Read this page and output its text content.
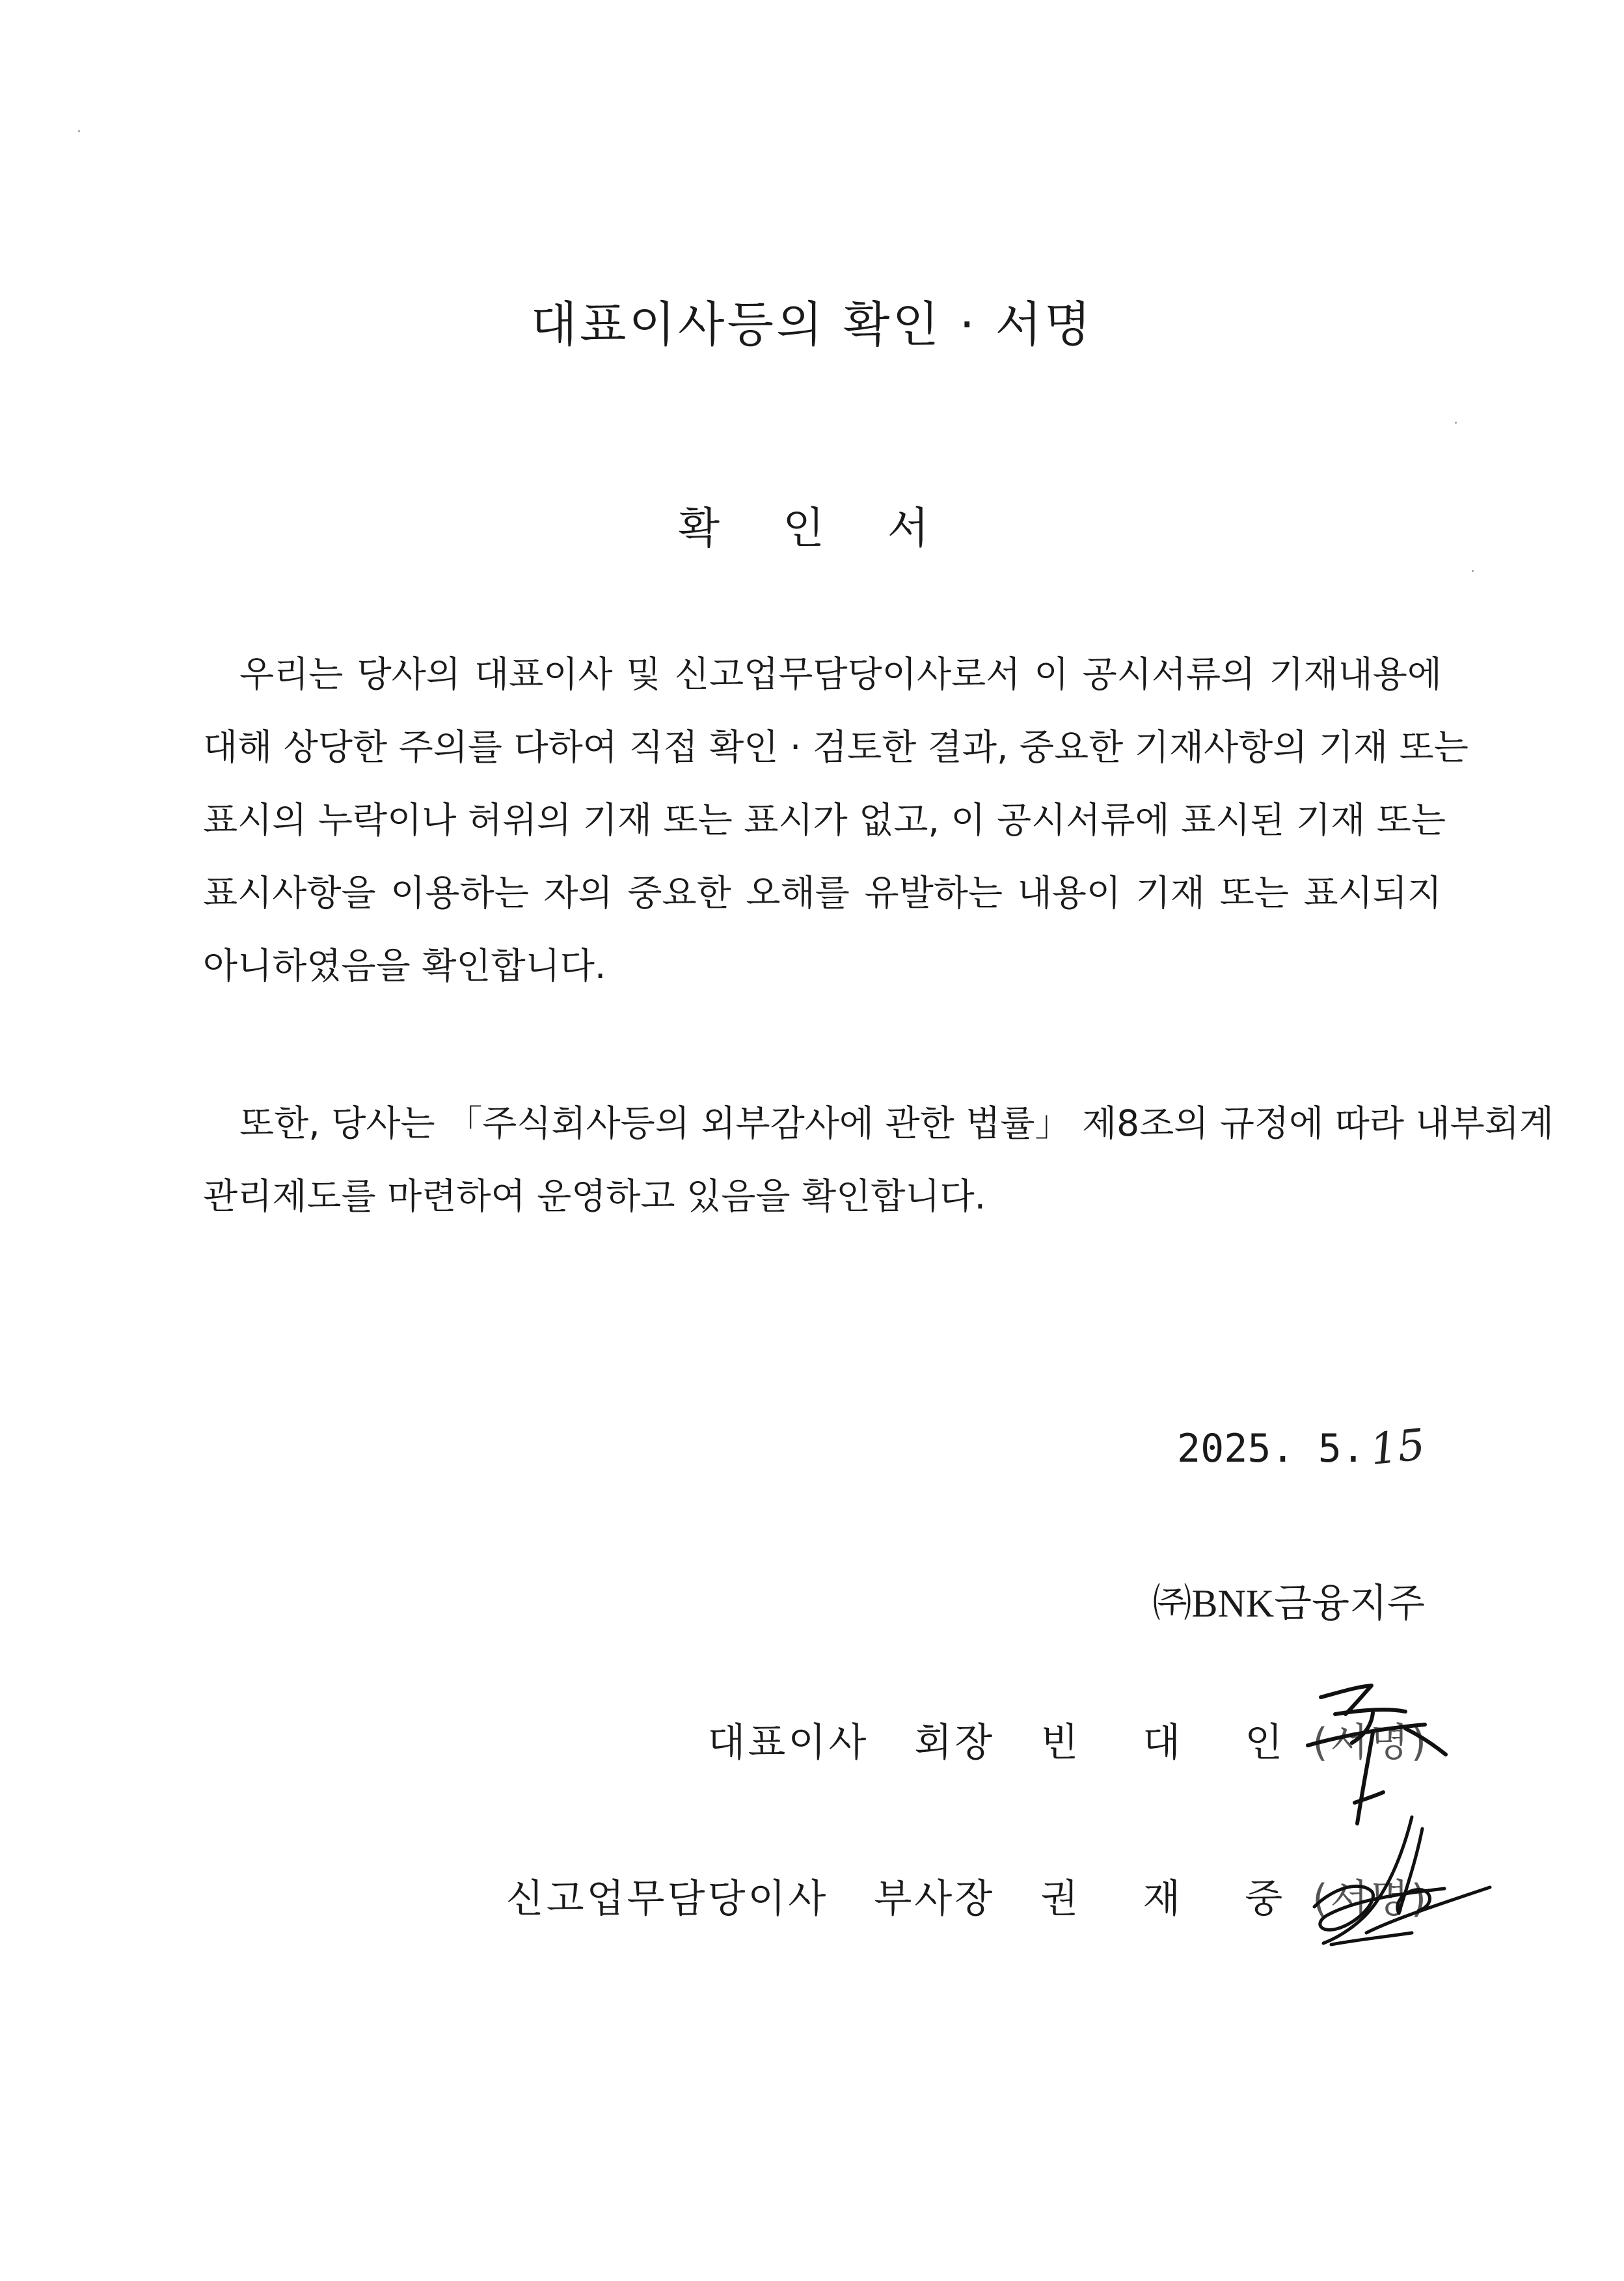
대표이사등의 확인 · 서명
확 인 서
우리는 당사의 대표이사 및 신고업무담당이사로서 이 공시서류의 기재내용에
대해 상당한 주의를 다하여 직접 확인 · 검토한 결과, 중요한 기재사항의 기재 또는
표시의 누락이나 허위의 기재 또는 표시가 없고, 이 공시서류에 표시된 기재 또는
표시사항을 이용하는 자의 중요한 오해를 유발하는 내용이 기재 또는 표시되지
아니하였음을 확인합니다.
또한, 당사는 「주식회사등의 외부감사에 관한 법률」 제8조의 규정에 따라 내부회계
관리제도를 마련하여 운영하고 있음을 확인합니다.
2025. 5.15
㈜BNK금융지주
대표이사 회장 빈 대 인 (서명)
신고업무담당이사 부사장 권 재 중 (서명)
